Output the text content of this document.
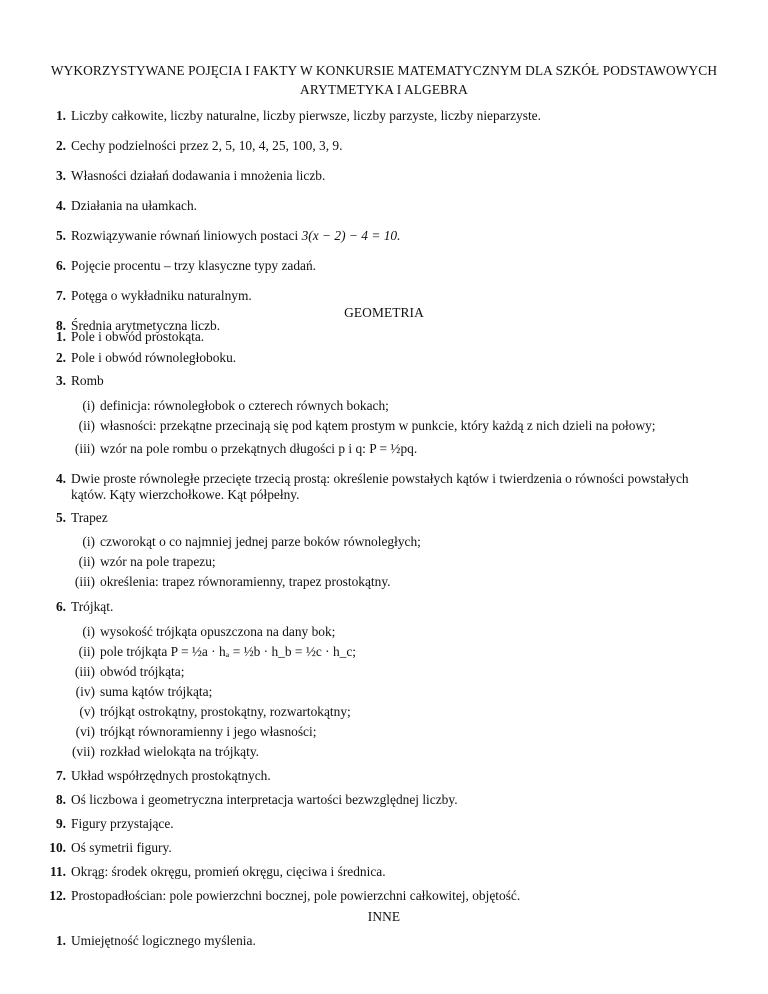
WYKORZYSTYWANE POJĘCIA I FAKTY W KONKURSIE MATEMATYCZNYM DLA SZKÓŁ PODSTAWOWYCH
ARYTMETYKA I ALGEBRA
1. Liczby całkowite, liczby naturalne, liczby pierwsze, liczby parzyste, liczby nieparzyste.
2. Cechy podzielności przez 2, 5, 10, 4, 25, 100, 3, 9.
3. Własności działań dodawania i mnożenia liczb.
4. Działania na ułamkach.
5. Rozwiązywanie równań liniowych postaci 3(x − 2) − 4 = 10.
6. Pojęcie procentu – trzy klasyczne typy zadań.
7. Potęga o wykładniku naturalnym.
8. Średnia arytmetyczna liczb.
GEOMETRIA
1. Pole i obwód prostokąta.
2. Pole i obwód równoległoboku.
3. Romb
(i) definicja: równoległobok o czterech równych bokach;
(ii) własności: przekątne przecinają się pod kątem prostym w punkcie, który każdą z nich dzieli na połowy;
(iii) wzór na pole rombu o przekątnych długości p i q: P = ½pq.
4. Dwie proste równoległe przecięte trzecią prostą: określenie powstałych kątów i twierdzenia o równości powstałych
kątów. Kąty wierzchołkowe. Kąt półpełny.
5. Trapez
(i) czworokąt o co najmniej jednej parze boków równoległych;
(ii) wzór na pole trapezu;
(iii) określenia: trapez równoramienny, trapez prostokątny.
6. Trójkąt.
(i) wysokość trójkąta opuszczona na dany bok;
(ii) pole trójkąta P = ½a · hₐ = ½b · h_b = ½c · h_c;
(iii) obwód trójkąta;
(iv) suma kątów trójkąta;
(v) trójkąt ostrokątny, prostokątny, rozwartokątny;
(vi) trójkąt równoramienny i jego własności;
(vii) rozkład wielokąta na trójkąty.
7. Układ współrzędnych prostokątnych.
8. Oś liczbowa i geometryczna interpretacja wartości bezwzględnej liczby.
9. Figury przystające.
10. Oś symetrii figury.
11. Okrąg: środek okręgu, promień okręgu, cięciwa i średnica.
12. Prostopadłościan: pole powierzchni bocznej, pole powierzchni całkowitej, objętość.
INNE
1. Umiejętność logicznego myślenia.
